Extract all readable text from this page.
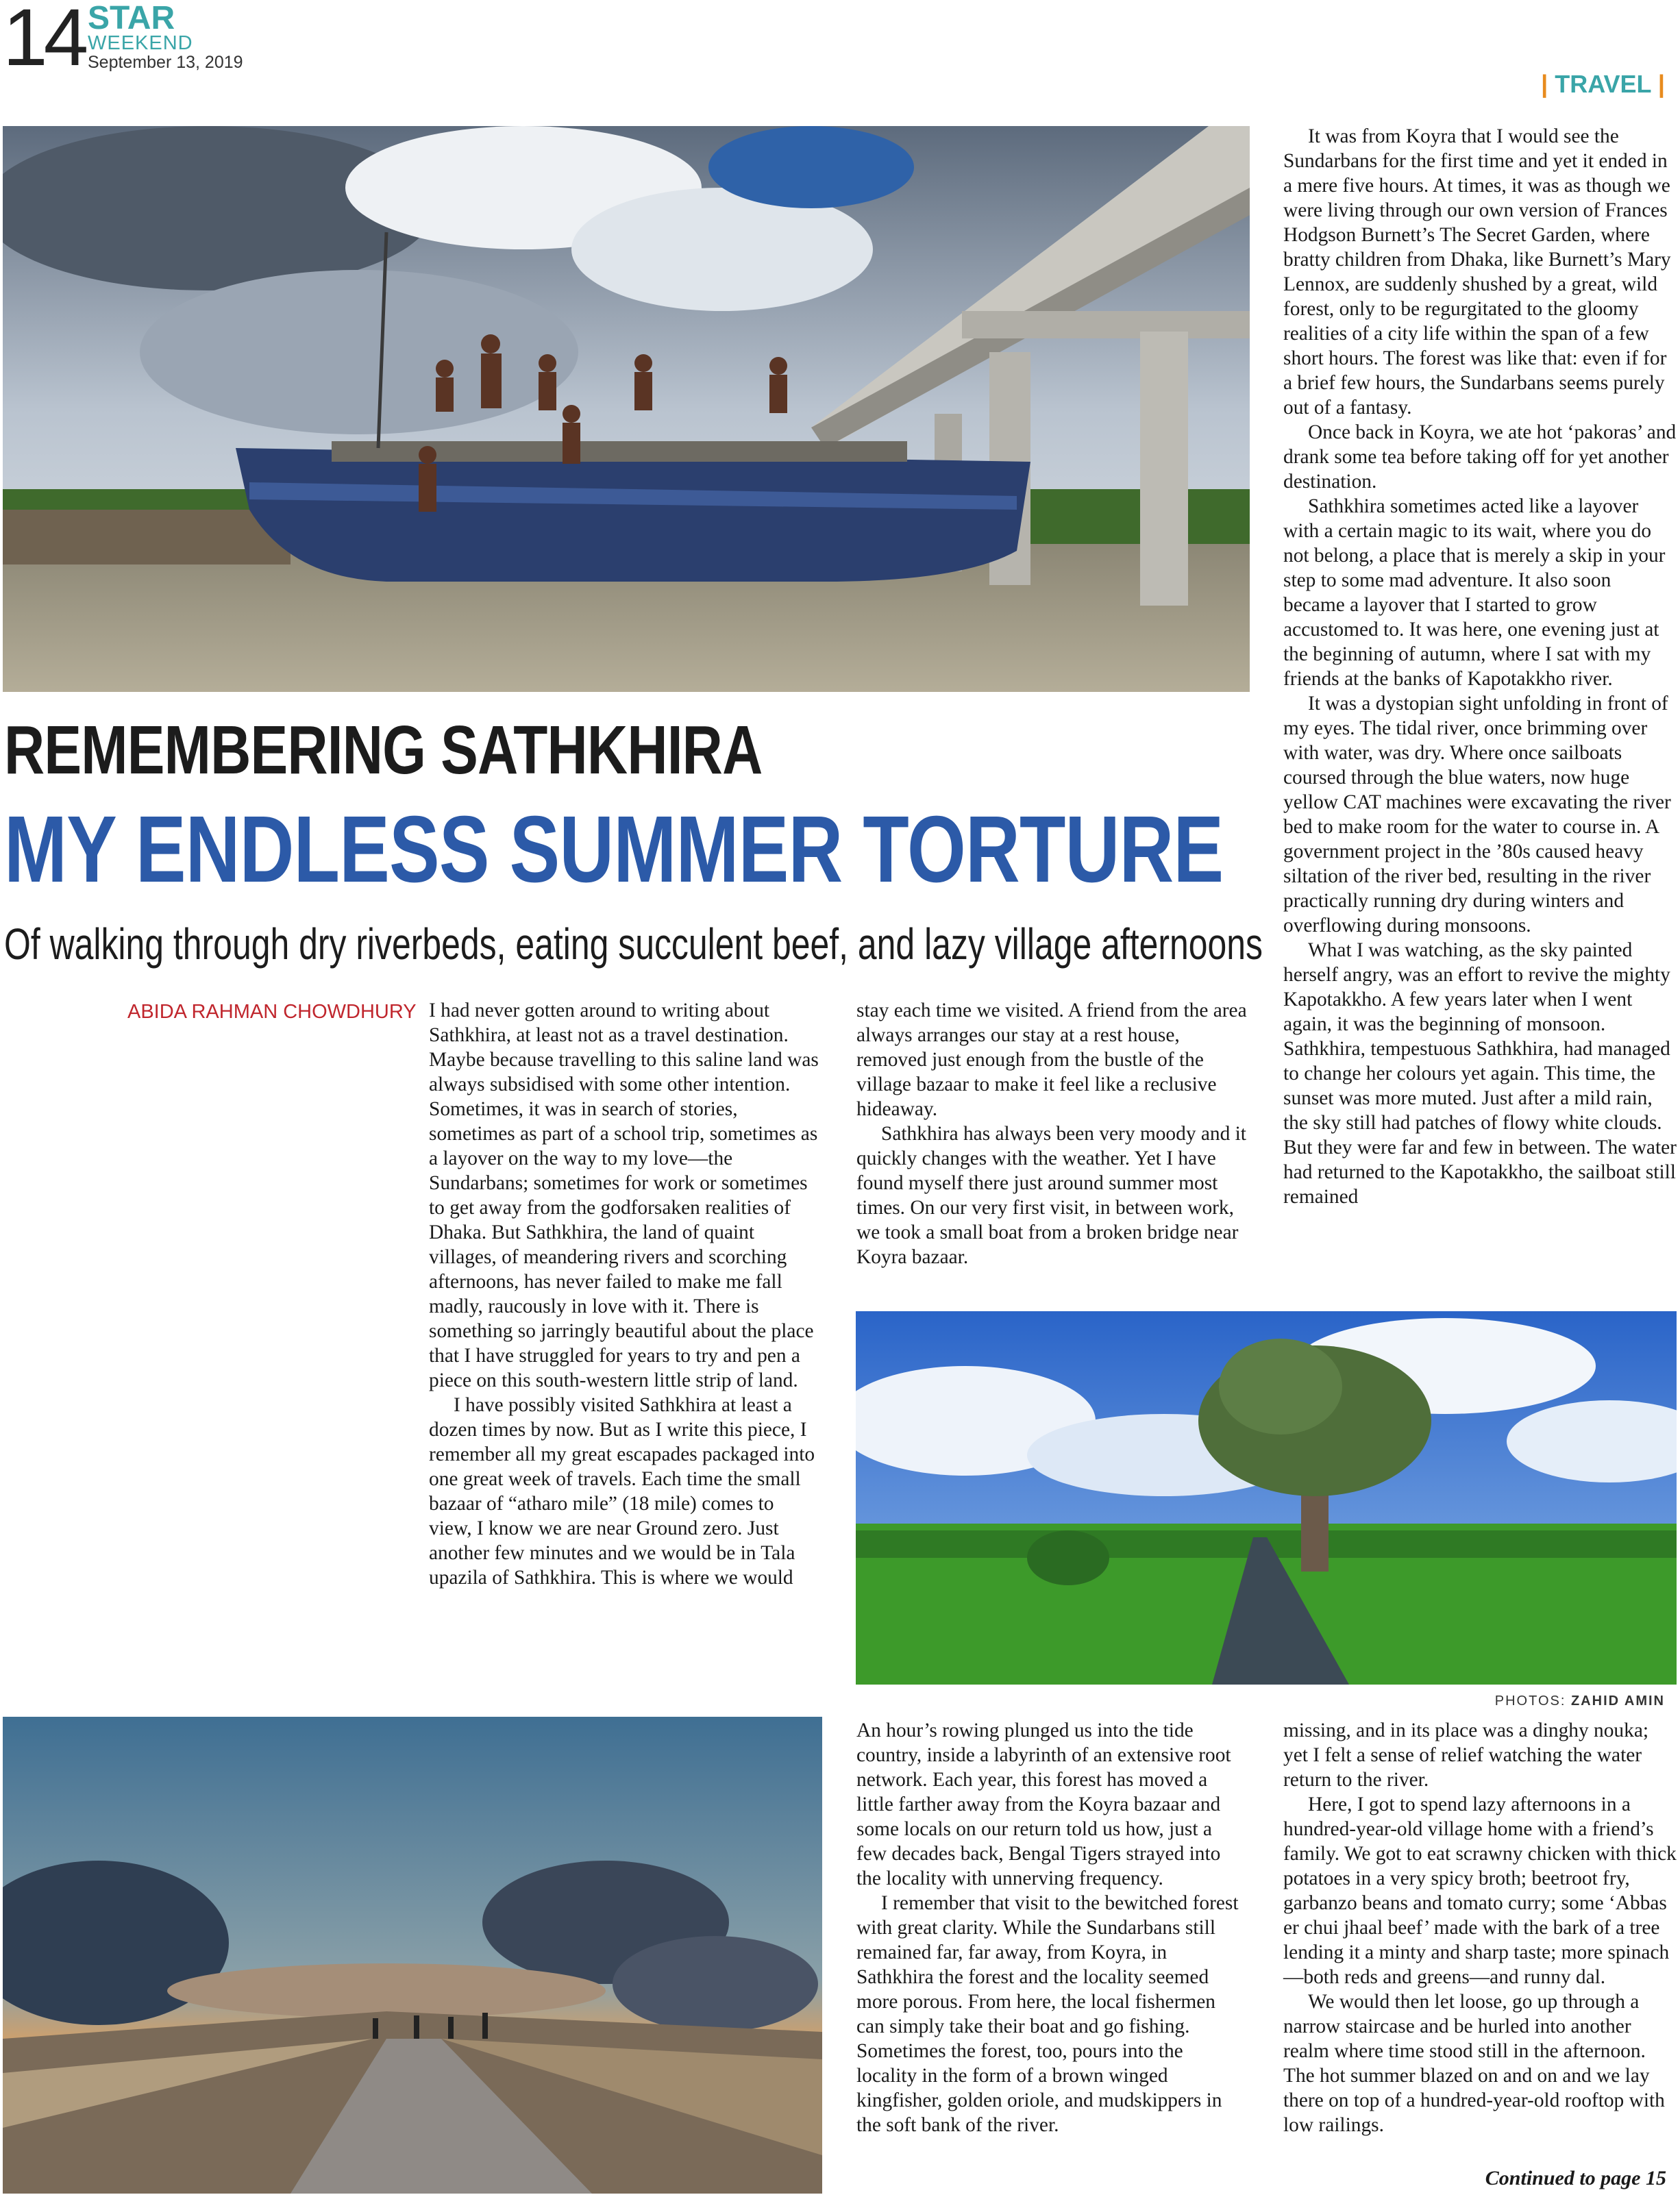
14 STAR
WEEKEND
September 13, 2019
| TRAVEL |
REMEMBERING SATHKHIRA
MY ENDLESS SUMMER TORTURE
Of walking through dry riverbeds, eating succulent beef, and lazy village afternoons
ABIDA RAHMAN CHOWDHURY I had never gotten around to writing about Sathkhira, at least not as a travel destination. Maybe because travelling to this saline land was always subsidised with some other intention. Sometimes, it was in search of stories, sometimes as part of a school trip, sometimes as a layover on the way to my love—the Sundarbans; sometimes for work or sometimes to get away from the godforsaken realities of Dhaka. But Sathkhira, the land of quaint villages, of meandering rivers and scorching afternoons, has never failed to make me fall madly, raucously in love with it. There is something so jarringly beautiful about the place that I have struggled for years to try and pen a piece on this south-western little strip of land.

I have possibly visited Sathkhira at least a dozen times by now. But as I write this piece, I remember all my great escapades packaged into one great week of travels. Each time the small bazaar of “atharo mile” (18 mile) comes to view, I know we are near Ground zero. Just another few minutes and we would be in Tala upazila of Sathkhira. This is where we would

stay each time we visited. A friend from the area always arranges our stay at a rest house, removed just enough from the bustle of the village bazaar to make it feel like a reclusive hideaway.

Sathkhira has always been very moody and it quickly changes with the weather. Yet I have found myself there just around summer most times. On our very first visit, in between work, we took a small boat from a broken bridge near Koyra bazaar.

It was from Koyra that I would see the Sundarbans for the first time and yet it ended in a mere five hours. At times, it was as though we were living through our own version of Frances Hodgson Burnett’s The Secret Garden, where bratty children from Dhaka, like Burnett’s Mary Lennox, are suddenly shushed by a great, wild forest, only to be regurgitated to the gloomy realities of a city life within the span of a few short hours. The forest was like that: even if for a brief few hours, the Sundarbans seems purely out of a fantasy.

Once back in Koyra, we ate hot ‘pakoras’ and drank some tea before taking off for yet another destination.

Sathkhira sometimes acted like a layover with a certain magic to its wait, where you do not belong, a place that is merely a skip in your step to some mad adventure. It also soon became a layover that I started to grow accustomed to. It was here, one evening just at the beginning of autumn, where I sat with my friends at the banks of Kapotakkho river.

It was a dystopian sight unfolding in front of my eyes. The tidal river, once brimming over with water, was dry. Where once sailboats coursed through the blue waters, now huge yellow CAT machines were excavating the river bed to make room for the water to course in. A government project in the ’80s caused heavy siltation of the river bed, resulting in the river practically running dry during winters and overflowing during monsoons.

What I was watching, as the sky painted herself angry, was an effort to revive the mighty Kapotakkho. A few years later when I went again, it was the beginning of monsoon. Sathkhira, tempestuous Sathkhira, had managed to change her colours yet again. This time, the sunset was more muted. Just after a mild rain, the sky still had patches of flowy white clouds. But they were far and few in between. The water had returned to the Kapotakkho, the sailboat still remained

PHOTOS: ZAHID AMIN

An hour’s rowing plunged us into the tide country, inside a labyrinth of an extensive root network. Each year, this forest has moved a little farther away from the Koyra bazaar and some locals on our return told us how, just a few decades back, Bengal Tigers strayed into the locality with unnerving frequency.

I remember that visit to the bewitched forest with great clarity. While the Sundarbans still remained far, far away, from Koyra, in Sathkhira the forest and the locality seemed more porous. From here, the local fishermen can simply take their boat and go fishing. Sometimes the forest, too, pours into the locality in the form of a brown winged kingfisher, golden oriole, and mudskippers in the soft bank of the river.

missing, and in its place was a dinghy nouka; yet I felt a sense of relief watching the water return to the river.

Here, I got to spend lazy afternoons in a hundred-year-old village home with a friend’s family. We got to eat scrawny chicken with thick potatoes in a very spicy broth; beetroot fry, garbanzo beans and tomato curry; some ‘Abbas er chui jhaal beef’ made with the bark of a tree lending it a minty and sharp taste; more spinach—both reds and greens—and runny dal.

We would then let loose, go up through a narrow staircase and be hurled into another realm where time stood still in the afternoon. The hot summer blazed on and on and we lay there on top of a hundred-year-old rooftop with low railings.

Continued to page 15
